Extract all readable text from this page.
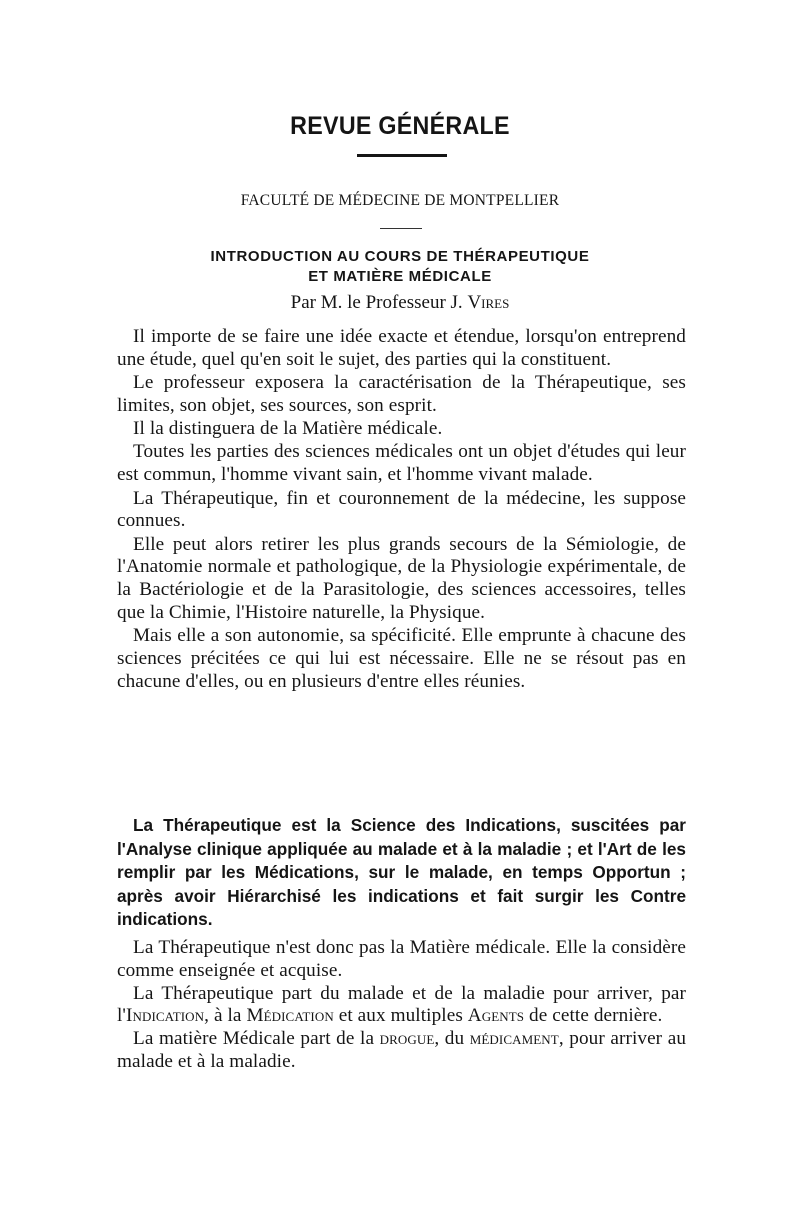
REVUE GÉNÉRALE
FACULTÉ DE MÉDECINE DE MONTPELLIER
INTRODUCTION AU COURS DE THÉRAPEUTIQUE
ET MATIÈRE MÉDICALE
Par M. le Professeur J. Vires

Il importe de se faire une idée exacte et étendue, lorsqu'on entreprend une étude, quel qu'en soit le sujet, des parties qui la constituent.

Le professeur exposera la caractérisation de la Thérapeutique, ses limites, son objet, ses sources, son esprit.

Il la distinguera de la Matière médicale.

Toutes les parties des sciences médicales ont un objet d'études qui leur est commun, l'homme vivant sain, et l'homme vivant malade.

La Thérapeutique, fin et couronnement de la médecine, les suppose connues.

Elle peut alors retirer les plus grands secours de la Sémiologie, de l'Anatomie normale et pathologique, de la Physiologie expérimentale, de la Bactériologie et de la Parasitologie, des sciences accessoires, telles que la Chimie, l'Histoire naturelle, la Physique.

Mais elle a son autonomie, sa spécificité. Elle emprunte à chacune des sciences précitées ce qui lui est nécessaire. Elle ne se résout pas en chacune d'elles, ou en plusieurs d'entre elles réunies.

La Thérapeutique est la Science des Indications, suscitées par l'Analyse clinique appliquée au malade et à la maladie ; et l'Art de les remplir par les Médications, sur le malade, en temps Opportun ; après avoir Hiérarchisé les indications et fait surgir les Contre indications.

La Thérapeutique n'est donc pas la Matière médicale. Elle la considère comme enseignée et acquise.

La Thérapeutique part du malade et de la maladie pour arriver, par l'Indication, à la Médication et aux multiples Agents de cette dernière.

La matière Médicale part de la drogue, du médicament, pour arriver au malade et à la maladie.
